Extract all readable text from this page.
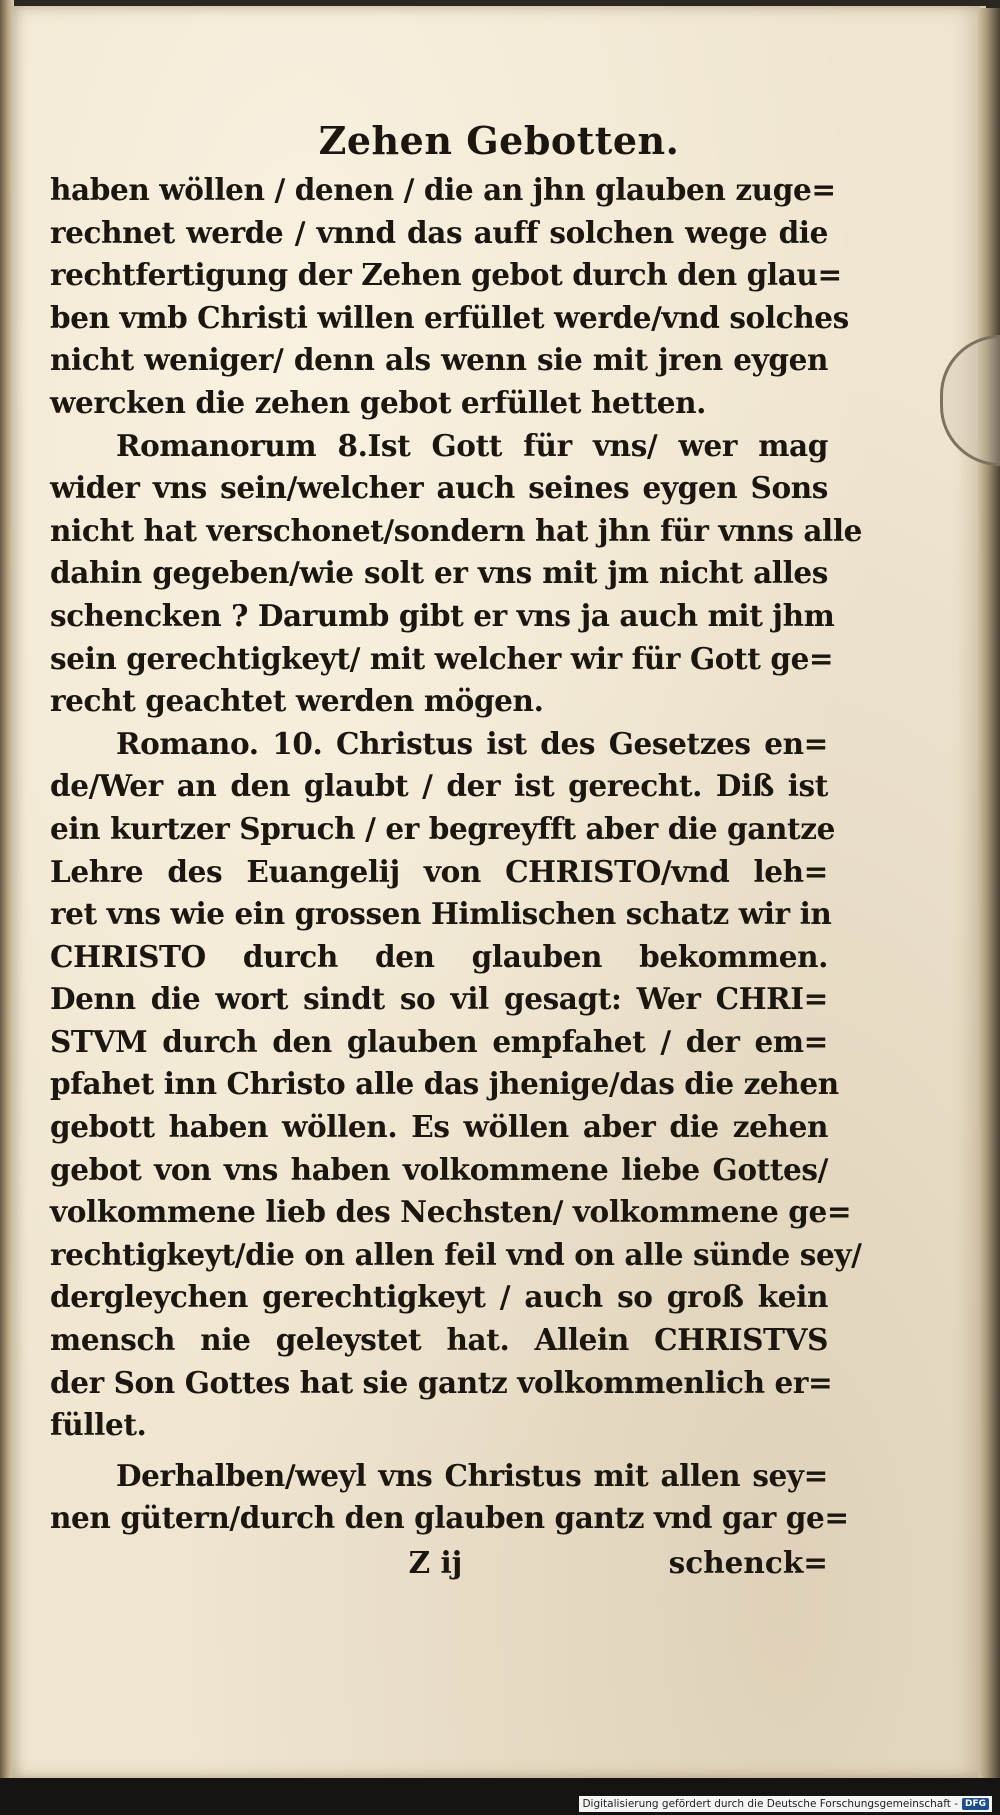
Zehen Gebotten.
haben wöllen / denen / die an jhn glauben zuge=
rechnet werde / vnnd das auff solchen wege die
rechtfertigung der Zehen gebot durch den glau=
ben vmb Christi willen erfüllet werde/vnd solches
nicht weniger/ denn als wenn sie mit jren eygen
wercken die zehen gebot erfüllet hetten.
Romanorum 8.Ist Gott für vns/ wer mag
wider vns sein/welcher auch seines eygen Sons
nicht hat verschonet/sondern hat jhn für vnns alle
dahin gegeben/wie solt er vns mit jm nicht alles
schencken ? Darumb gibt er vns ja auch mit jhm
sein gerechtigkeyt/ mit welcher wir für Gott ge=
recht geachtet werden mögen.
Romano. 10. Christus ist des Gesetzes en=
de/Wer an den glaubt / der ist gerecht. Diß ist
ein kurtzer Spruch / er begreyfft aber die gantze
Lehre des Euangelij von CHRISTO/vnd leh=
ret vns wie ein grossen Himlischen schatz wir in
CHRISTO durch den glauben bekommen.
Denn die wort sindt so vil gesagt: Wer CHRI=
STVM durch den glauben empfahet / der em=
pfahet inn Christo alle das jhenige/das die zehen
gebott haben wöllen. Es wöllen aber die zehen
gebot von vns haben volkommene liebe Gottes/
volkommene lieb des Nechsten/ volkommene ge=
rechtigkeyt/die on allen feil vnd on alle sünde sey/
dergleychen gerechtigkeyt / auch so groß kein
mensch nie geleystet hat. Allein CHRISTVS
der Son Gottes hat sie gantz volkommenlich er=
füllet.
Derhalben/weyl vns Christus mit allen sey=
nen gütern/durch den glauben gantz vnd gar ge=
Z ij	schenck=
Digitalisierung gefördert durch die Deutsche Forschungsgemeinschaft - DFG
